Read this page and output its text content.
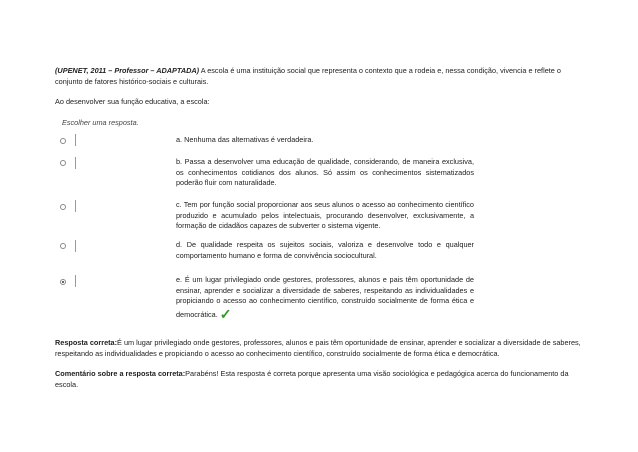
(UPENET, 2011 – Professor – ADAPTADA) A escola é uma instituição social que representa o contexto que a rodeia e, nessa condição, vivencia e reflete o conjunto de fatores histórico-sociais e culturais.
Ao desenvolver sua função educativa, a escola:
Escolher uma resposta.
a. Nenhuma das alternativas é verdadeira.
b. Passa a desenvolver uma educação de qualidade, considerando, de maneira exclusiva, os conhecimentos cotidianos dos alunos. Só assim os conhecimentos sistematizados poderão fluir com naturalidade.
c. Tem por função social proporcionar aos seus alunos o acesso ao conhecimento científico produzido e acumulado pelos intelectuais, procurando desenvolver, exclusivamente, a formação de cidadãos capazes de subverter o sistema vigente.
d. De qualidade respeita os sujeitos sociais, valoriza e desenvolve todo e qualquer comportamento humano e forma de convivência sociocultural.
e. É um lugar privilegiado onde gestores, professores, alunos e pais têm oportunidade de ensinar, aprender e socializar a diversidade de saberes, respeitando as individualidades e propiciando o acesso ao conhecimento científico, construído socialmente de forma ética e democrática. ✓
Resposta correta:É um lugar privilegiado onde gestores, professores, alunos e pais têm oportunidade de ensinar, aprender e socializar a diversidade de saberes, respeitando as individualidades e propiciando o acesso ao conhecimento científico, construído socialmente de forma ética e democrática.
Comentário sobre a resposta correta:Parabéns! Esta resposta é correta porque apresenta uma visão sociológica e pedagógica acerca do funcionamento da escola.
